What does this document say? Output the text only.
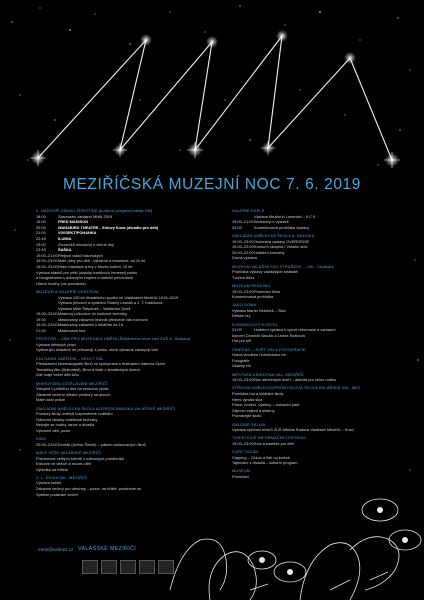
MEZIŘÍČSKÁ MUZEJNÍ NOC 7. 6. 2019
II. NÁDVOŘÍ ZÁMKU ŽEROTÍNŮ (kulturní program města VM)
18:00	Slavnostní zahájení MMN 2019
19:00	FRED MADISON
20:00	WANABIRD THEATRE - Síňový Kuna (divadlo pro děti)
21:00	VIVISEKT/POHANKA
22:45	ILUMIA
23:00	Zvonečků mluvkový s věcné dny
23:45	ŠAŠKA
19:00–21:00 Přejezd vlaků historických
19:00–23:00 Malé dílny pro děti - výtvarné a řemeslné, od 10 let
19:00–23:00 Hrací instalace a hry v Muzeu kolem, 10 let
Výstava stánků pro pěší (ukázky tradičních řemesel) parku
a fotografování s dobovými krojemi a dalšími pečovatelé
Hlavní hodiny (viz pozvánka)
MUZEUM A GALERIE CENTRUM
Výstava 100 let divadelního spolku ve Valašském Meziříčí 1919–2019
Výstava převzetí a vyrábění Rodiny Lesáků a J. T. Kadlíková
Výstava Mistr Štěpánek – Waldecke Quell
19:00–23:00 Maskový průvodce do loutkové techniky
19:30	Maskovaný zákazník technik předvede vás rozhovor
19:30–23:00 Maskovaný zákazník k lékařům na 18
21:00	Maskovaná tour
PROSTOR – ZÁM PRO MUZEUM A UMĚNÍ (Štěfánkova ulice nad ZUŠ A. Radoka)
Výstava dětských prací
Vystavující účastníci se přesunují z parku, které výtvarné zastupují tam
KULTURNÍ ZAŘÍZENÍ – VELKÝ SÁL
Představení kinematografie filmů ze spolupráce s festivalem Valenza Open
Tematický film (Animated), Brno a další v tematických kinech
Zde hraje večer dětí kino
MIKROFÓRA VZDĚLÁVÁNÍ MEZIŘÍČÍ
Vstupné v průběhu dne na venkovní ploše
Zábavné večerní dětské prostory na akcích
Malé ruční práce
ZÁKLADNÍ UMĚLECKÁ ŠKOLA ALFRÉDA RADOKA VALAŠSKÉ MEZIŘÍČÍ
Prostory školy umělců rozprostřené vzdělání
Odborné ukázky umělecké techniky
Nebojte se hudby, tance a divadla
Výtvarné děti, pozor
KINO
20:00–23:00 Dvořák (Arthur Šimek) – pásmo animovaných filmů
MALÉ VĚŽE VALAŠSKÉ MEZIŘÍČÍ
Prezentace velkých klientů z odborných prostředků
Exkurze ve věžích a muzeu dětí
Vyhlídka na město
Z. L. DÍVKA VAL. MEZIŘÍČÍ
Výstava koček
Zábavné večery pro všechny – pozor, na hřiště, pozdravte se
Spěšné podávání večeří
GALERIE KAPLE
Výstava Mezikruh Lavendel – 9 C 5
19:00–21:00 Workshop k výstavě
22:00	Komentovaná prohlídka výstavy
ZÁKLADNÍ UMĚLECKÁ ŠKOLA A. RADOKA
19:00–23:00 Orchestra výstavy OVERDRIVE
19:00–22:00 Komorní skupina / Vokální sbor
20:00–22:00 Hudební koncerty
Druhá výstava
MUZEUM VALAŠSKÝCH STRAŠIDEL – VAL. Strašidla
Prohlídka výstavy valašských strašidel
Tvořivá dílna
MUZEUM REGIONU
19:00–23:00 Promítání filmu
Komentovaná prohlídka
JAKO DOMA
Výstava Martin Hlubiček – Sklo
Dětské hry
EVANGELICKÝ KOSTEL
21:00	Hudební výstava k výročí reformace a varhanní
koncert Dominik Vaculík a Lenka Šnábová
Hra pro šíři
VÍNEČKO – SVĚT VÍN A FOTOGRAFIE
Hravá vinotéka Ochutnávka vín
Fotografie
Ukázky vín
MĚSTSKÁ KNIHOVNA VAL. MEZIŘÍČÍ
19:00–23:00 Noc otevřených dveří – aktivita pro celou rodinu
STŘEDNÍ UMĚLECKOPRŮMYSLOVÁ ŠKOLA SKLÁŘSKÁ VAL. MEZ.
Prohlídka hut a sklářské školy
Herní výroba skla
Praxe, tvoření, výstavy – zahradní park
Zájemci zájezd a sklárny
Poznávejte školu
GALERIE SKLIVA
Výstava vyšívací mistrů ZUŠ Alfréda Radoka Valašské Meziříčí – Kraví
TURISTICKÉ INFORMAČNÍ CENTRUM
19:00–23:00 Kvíz a soutěže pro děti
CAFÉ TUCAN
Capping – Cirkus a lidé na kolech
Tajemství z divadla – kulturní program
MUSEUM
Promítání
mmn@valmez.cz VALAŠSKÉ MEZIŘÍČÍ
